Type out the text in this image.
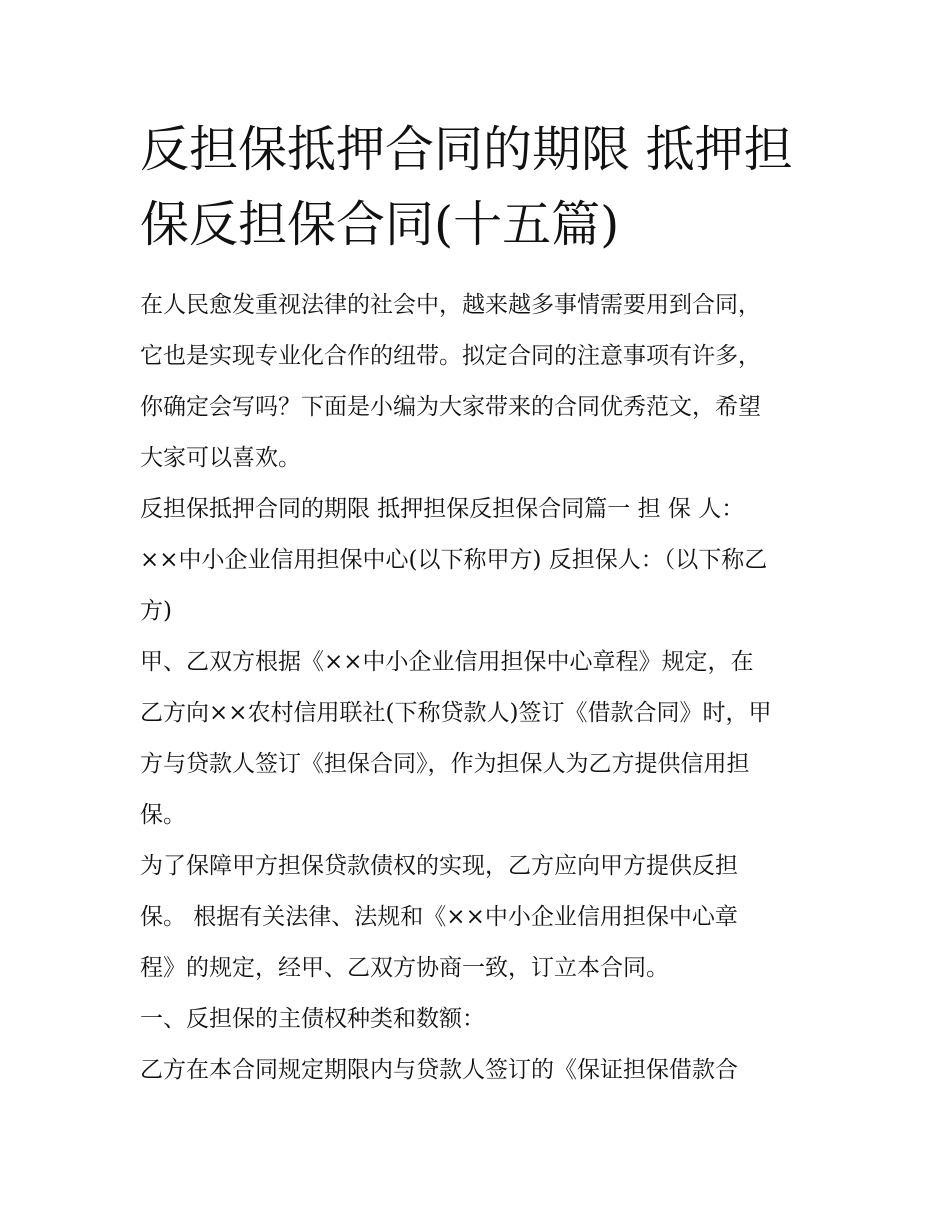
反担保抵押合同的期限 抵押担保反担保合同(十五篇)

在人民愈发重视法律的社会中，越来越多事情需要用到合同，
它也是实现专业化合作的纽带。拟定合同的注意事项有许多，
你确定会写吗？下面是小编为大家带来的合同优秀范文，希望
大家可以喜欢。

反担保抵押合同的期限 抵押担保反担保合同篇一 担 保 人：
××中小企业信用担保中心(以下称甲方) 反担保人：（以下称乙
方)

甲、乙双方根据《××中小企业信用担保中心章程》规定，在
乙方向××农村信用联社(下称贷款人)签订《借款合同》时，甲
方与贷款人签订《担保合同》，作为担保人为乙方提供信用担
保。

为了保障甲方担保贷款债权的实现，乙方应向甲方提供反担
保。 根据有关法律、法规和《××中小企业信用担保中心章
程》的规定，经甲、乙双方协商一致，订立本合同。

一、反担保的主债权种类和数额：

乙方在本合同规定期限内与贷款人签订的《保证担保借款合
